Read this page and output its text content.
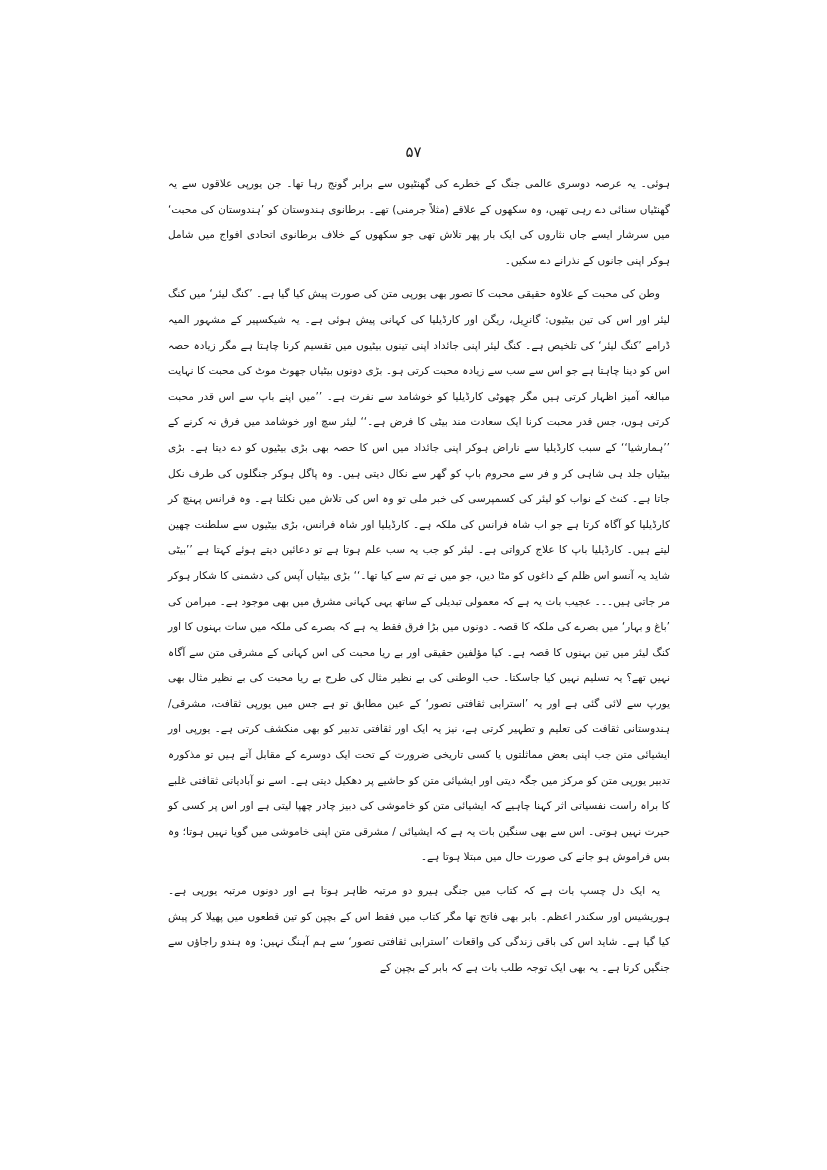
۵۷

ہوئی۔ یہ عرصہ دوسری عالمی جنگ کے خطرے کی گھنٹیوں سے برابر گونج رہا تھا۔ جن یورپی علاقوں سے یہ گھنٹیاں سنائی دے رہی تھیں، وہ سکھوں کے علاقے (مثلاً جرمنی) تھے۔ برطانوی ہندوستان کو ’ہندوستان کی محبت‘ میں سرشار ایسے جاں نثاروں کی ایک بار پھر تلاش تھی جو سکھوں کے خلاف برطانوی اتحادی افواج میں شامل ہوکر اپنی جانوں کے نذرانے دے سکیں۔

وطن کی محبت کے علاوہ حقیقی محبت کا تصور بھی یورپی متن کی صورت پیش کیا گیا ہے۔ ’کنگ لیئر‘ میں کنگ لیئر اور اس کی تین بیٹیوں: گانرِیل، ریگن اور کارڈیلیا کی کہانی پیش ہوئی ہے۔ یہ شیکسپیر کے مشہور المیہ ڈرامے ’کنگ لیئر‘ کی تلخیص ہے۔ کنگ لیئر اپنی جائداد اپنی تینوں بیٹیوں میں تقسیم کرنا چاہتا ہے مگر زیادہ حصہ اس کو دینا چاہتا ہے جو اس سے سب سے زیادہ محبت کرتی ہو۔ بڑی دونوں بیٹیاں جھوٹ موٹ کی محبت کا نہایت مبالغہ آمیز اظہار کرتی ہیں مگر چھوٹی کارڈیلیا کو خوشامد سے نفرت ہے۔ ’’میں اپنے باپ سے اس قدر محبت کرتی ہوں، جس قدر محبت کرنا ایک سعادت مند بیٹی کا فرض ہے۔‘‘ لیئر سچ اور خوشامد میں فرق نہ کرنے کے ’’ہمارشیا‘‘ کے سبب کارڈیلیا سے ناراض ہوکر اپنی جائداد میں اس کا حصہ بھی بڑی بیٹیوں کو دے دیتا ہے۔ بڑی بیٹیاں جلد ہی شاہی کر و فر سے محروم باپ کو گھر سے نکال دیتی ہیں۔ وہ پاگل ہوکر جنگلوں کی طرف نکل جاتا ہے۔ کنٹ کے نواب کو لیئر کی کسمپرسی کی خبر ملی تو وہ اس کی تلاش میں نکلتا ہے۔ وہ فرانس پہنچ کر کارڈیلیا کو آگاہ کرتا ہے جو اب شاہ فرانس کی ملکہ ہے۔ کارڈیلیا اور شاہ فرانس، بڑی بیٹیوں سے سلطنت چھین لیتے ہیں۔ کارڈیلیا باپ کا علاج کرواتی ہے۔ لیئر کو جب یہ سب علم ہوتا ہے تو دعائیں دیتے ہوئے کہتا ہے ’’بیٹی شاید یہ آنسو اس ظلم کے داغوں کو مٹا دیں، جو میں نے تم سے کیا تھا۔‘‘ بڑی بیٹیاں آپس کی دشمنی کا شکار ہوکر مر جاتی ہیں۔۔۔ عجیب بات یہ ہے کہ معمولی تبدیلی کے ساتھ یہی کہانی مشرق میں بھی موجود ہے۔ میرامن کی ’باغ و بہار‘ میں بصرے کی ملکہ کا قصہ۔ دونوں میں بڑا فرق فقط یہ ہے کہ بصرے کی ملکہ میں سات بہنوں کا اور کنگ لیئر میں تین بہنوں کا قصہ ہے۔ کیا مؤلفین حقیقی اور بے ریا محبت کی اس کہانی کے مشرقی متن سے آگاہ نہیں تھے؟ یہ تسلیم نہیں کیا جاسکتا۔ حب الوطنی کی بے نظیر مثال کی طرح بے ریا محبت کی بے نظیر مثال بھی یورپ سے لائی گئی ہے اور یہ ’استرابی ثقافتی تصور‘ کے عین مطابق تو ہے جس میں یورپی ثقافت، مشرقی/ہندوستانی ثقافت کی تعلیم و تطہیر کرتی ہے، نیز یہ ایک اور ثقافتی تدبیر کو بھی منکشف کرتی ہے۔ یورپی اور ایشیائی متن جب اپنی بعض مماثلتوں یا کسی تاریخی ضرورت کے تحت ایک دوسرے کے مقابل آتے ہیں تو مذکورہ تدبیر یورپی متن کو مرکز میں جگہ دیتی اور ایشیائی متن کو حاشیے پر دھکیل دیتی ہے۔ اسے نو آبادیاتی ثقافتی غلبے کا براہ راست نفسیاتی اثر کہنا چاہیے کہ ایشیائی متن کو خاموشی کی دبیز چادر چھپا لیتی ہے اور اس پر کسی کو حیرت نہیں ہوتی۔ اس سے بھی سنگین بات یہ ہے کہ ایشیائی / مشرقی متن اپنی خاموشی میں گویا نہیں ہوتا؛ وہ بس فراموش ہو جانے کی صورت حال میں مبتلا ہوتا ہے۔

یہ ایک دل چسپ بات ہے کہ کتاب میں جنگی ہیرو دو مرتبہ ظاہر ہوتا ہے اور دونوں مرتبہ یورپی ہے۔ ہوریشیس اور سکندر اعظم۔ بابر بھی فاتح تھا مگر کتاب میں فقط اس کے بچپن کو تین قطعوں میں پھیلا کر پیش کیا گیا ہے۔ شاید اس کی باقی زندگی کی واقعات ’استرابی ثقافتی تصور‘ سے ہم آہنگ نہیں: وہ ہندو راجاؤں سے جنگیں کرتا ہے۔ یہ بھی ایک توجہ طلب بات ہے کہ بابر کے بچپن کے
